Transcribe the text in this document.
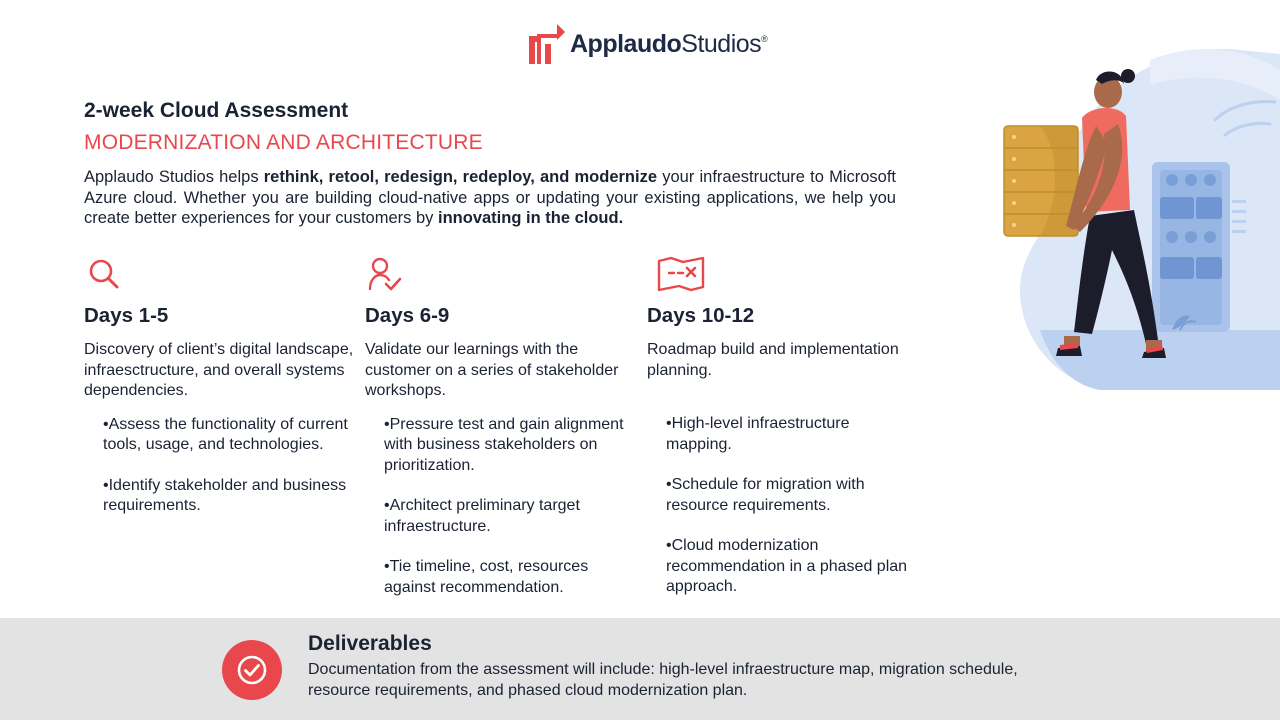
ApplaudoStudios®
2-week Cloud Assessment
MODERNIZATION AND ARCHITECTURE

Applaudo Studios helps rethink, retool, redesign, redeploy, and modernize your infraestructure to Microsoft Azure cloud. Whether you are building cloud-native apps or updating your existing applications, we help you create better experiences for your customers by innovating in the cloud.

Days 1-5

Discovery of client’s digital landscape, infraesctructure, and overall systems dependencies.

• Assess the functionality of current tools, usage, and technologies.
• Identify stakeholder and business requirements.
Days 6-9

Validate our learnings with the customer on a series of stakeholder workshops.

• Pressure test and gain alignment with business stakeholders on prioritization.
• Architect preliminary target infraestructure.
• Tie timeline, cost, resources against recommendation.
Days 10-12

Roadmap build and implementation planning.

• High-level infraestructure mapping.
• Schedule for migration with resource requirements.
• Cloud modernization recommendation in a phased plan approach.
Deliverables

Documentation from the assessment will include: high-level infraestructure map, migration schedule, resource requirements, and phased cloud modernization plan.
